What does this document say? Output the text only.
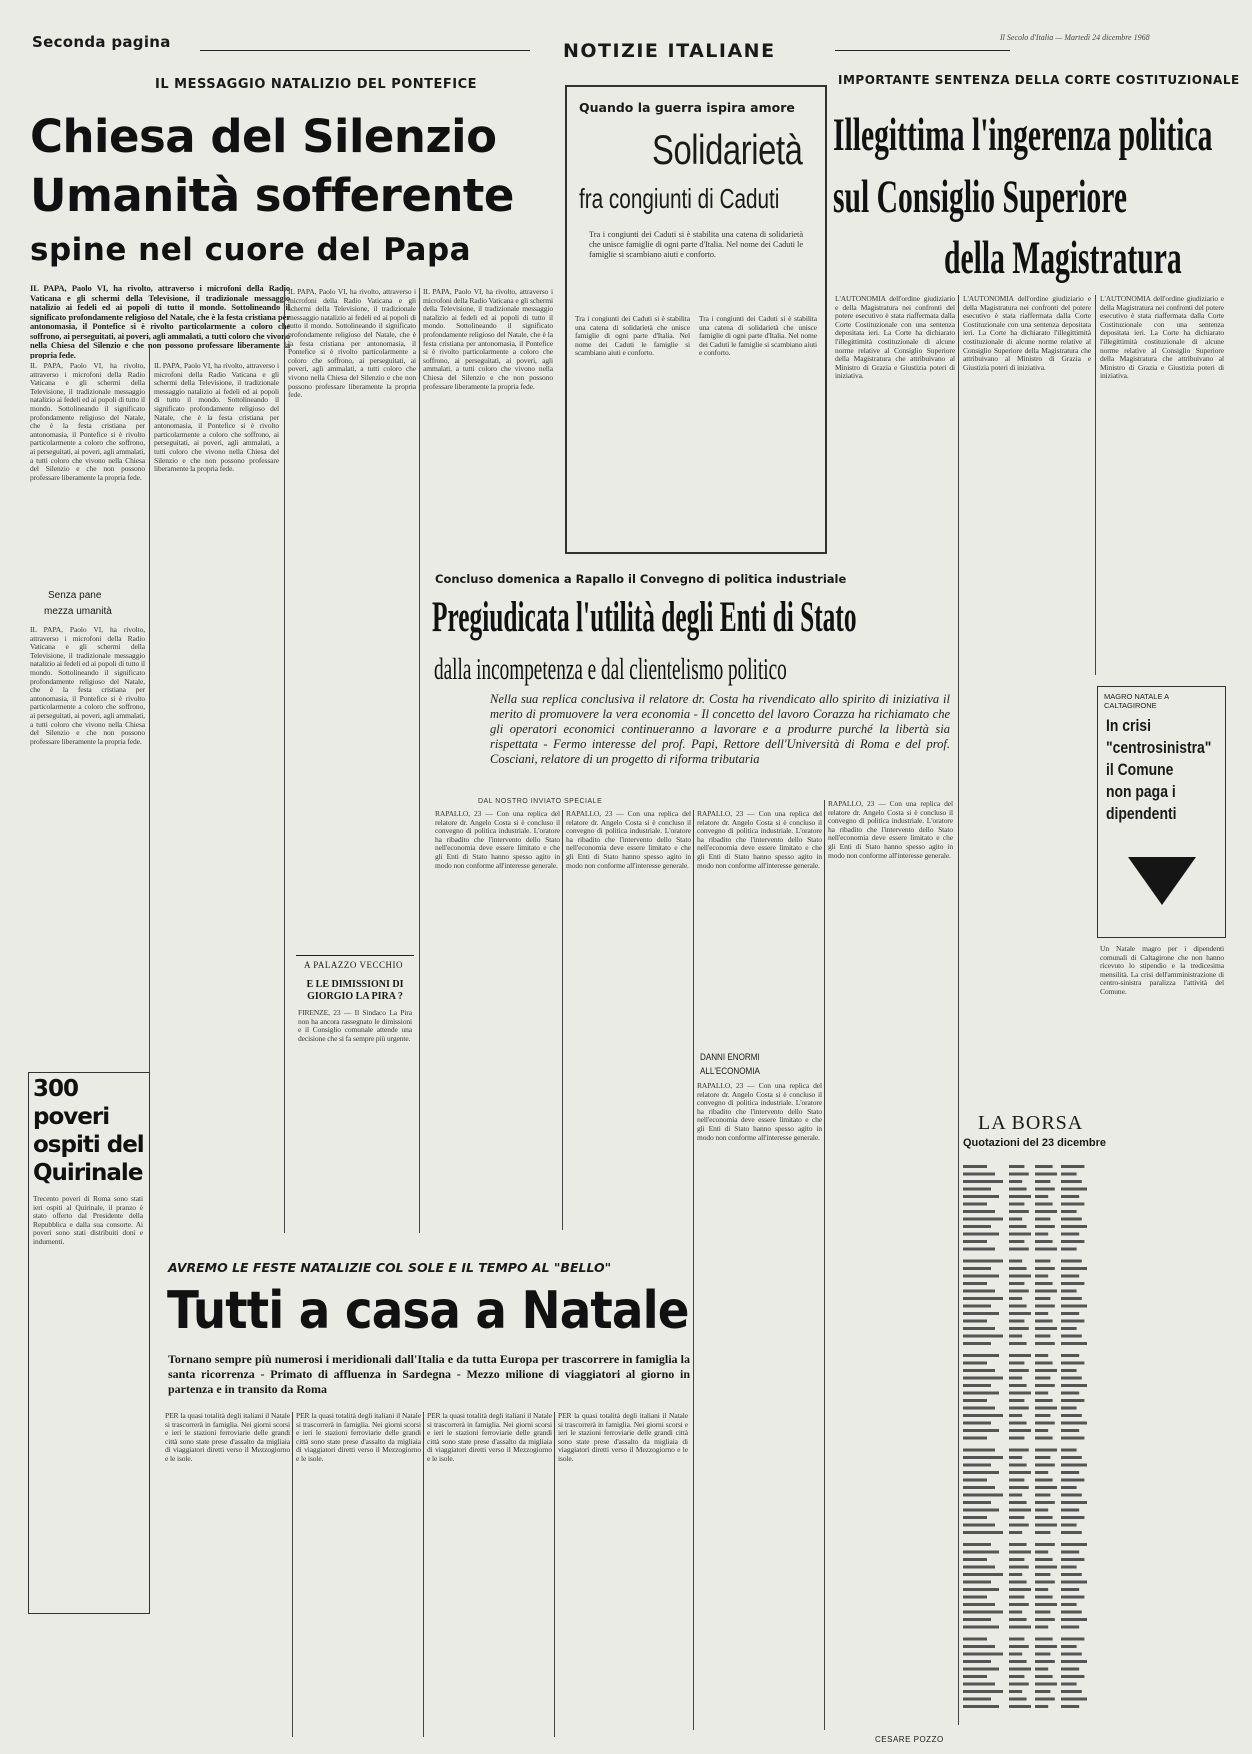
Seconda pagina	NOTIZIE ITALIANE
Il Secolo d'Italia — Martedì 24 dicembre 1968
IL MESSAGGIO NATALIZIO DEL PONTEFICE
Chiesa del Silenzio
Umanità sofferente
spine nel cuore del Papa
IL PAPA, Paolo VI, ha rivolto, attraverso i microfoni della Radio Vaticana e gli schermi della Televisione, il tradizionale messaggio natalizio ai fedeli ed ai popoli di tutto il mondo. Sottolineando il significato profondamente religioso del Natale, che è la festa cristiana per antonomasia, il Pontefice si è rivolto particolarmente a coloro che soffrono, ai perseguitati, ai poveri, agli ammalati, a tutti coloro che vivono nella Chiesa del Silenzio e che non possono professare liberamente la propria fede.
IL PAPA, Paolo VI, ha rivolto, attraverso i microfoni della Radio Vaticana e gli schermi della Televisione, il tradizionale messaggio natalizio ai fedeli ed ai popoli di tutto il mondo. Sottolineando il significato profondamente religioso del Natale, che è la festa cristiana per antonomasia, il Pontefice si è rivolto particolarmente a coloro che soffrono, ai perseguitati, ai poveri, agli ammalati, a tutti coloro che vivono nella Chiesa del Silenzio e che non possono professare liberamente la propria fede.
Senza pane
mezza umanità
IL PAPA, Paolo VI, ha rivolto, attraverso i microfoni della Radio Vaticana e gli schermi della Televisione, il tradizionale messaggio natalizio ai fedeli ed ai popoli di tutto il mondo. Sottolineando il significato profondamente religioso del Natale, che è la festa cristiana per antonomasia, il Pontefice si è rivolto particolarmente a coloro che soffrono, ai perseguitati, ai poveri, agli ammalati, a tutti coloro che vivono nella Chiesa del Silenzio e che non possono professare liberamente la propria fede.
IL PAPA, Paolo VI, ha rivolto, attraverso i microfoni della Radio Vaticana e gli schermi della Televisione, il tradizionale messaggio natalizio ai fedeli ed ai popoli di tutto il mondo. Sottolineando il significato profondamente religioso del Natale, che è la festa cristiana per antonomasia, il Pontefice si è rivolto particolarmente a coloro che soffrono, ai perseguitati, ai poveri, agli ammalati, a tutti coloro che vivono nella Chiesa del Silenzio e che non possono professare liberamente la propria fede.
IL PAPA, Paolo VI, ha rivolto, attraverso i microfoni della Radio Vaticana e gli schermi della Televisione, il tradizionale messaggio natalizio ai fedeli ed ai popoli di tutto il mondo. Sottolineando il significato profondamente religioso del Natale, che è la festa cristiana per antonomasia, il Pontefice si è rivolto particolarmente a coloro che soffrono, ai perseguitati, ai poveri, agli ammalati, a tutti coloro che vivono nella Chiesa del Silenzio e che non possono professare liberamente la propria fede.
IL PAPA, Paolo VI, ha rivolto, attraverso i microfoni della Radio Vaticana e gli schermi della Televisione, il tradizionale messaggio natalizio ai fedeli ed ai popoli di tutto il mondo. Sottolineando il significato profondamente religioso del Natale, che è la festa cristiana per antonomasia, il Pontefice si è rivolto particolarmente a coloro che soffrono, ai perseguitati, ai poveri, agli ammalati, a tutti coloro che vivono nella Chiesa del Silenzio e che non possono professare liberamente la propria fede.
300 poveri ospiti del Quirinale
Trecento poveri di Roma sono stati ieri ospiti al Quirinale, il pranzo è stato offerto dal Presidente della Repubblica e dalla sua consorte. Ai poveri sono stati distribuiti doni e indumenti.
Quando la guerra ispira amore
Solidarietà
fra congiunti di Caduti
Tra i congiunti dei Caduti si è stabilita una catena di solidarietà che unisce famiglie di ogni parte d'Italia. Nel nome dei Caduti le famiglie si scambiano aiuti e conforto.
Tra i congiunti dei Caduti si è stabilita una catena di solidarietà che unisce famiglie di ogni parte d'Italia. Nel nome dei Caduti le famiglie si scambiano aiuti e conforto.
Tra i congiunti dei Caduti si è stabilita una catena di solidarietà che unisce famiglie di ogni parte d'Italia. Nel nome dei Caduti le famiglie si scambiano aiuti e conforto.
IMPORTANTE SENTENZA DELLA CORTE COSTITUZIONALE
Illegittima l'ingerenza politica
sul Consiglio Superiore
della Magistratura
L'AUTONOMIA dell'ordine giudiziario e della Magistratura nei confronti del potere esecutivo è stata riaffermata dalla Corte Costituzionale con una sentenza depositata ieri. La Corte ha dichiarato l'illegittimità costituzionale di alcune norme relative al Consiglio Superiore della Magistratura che attribuivano al Ministro di Grazia e Giustizia poteri di iniziativa.
L'AUTONOMIA dell'ordine giudiziario e della Magistratura nei confronti del potere esecutivo è stata riaffermata dalla Corte Costituzionale con una sentenza depositata ieri. La Corte ha dichiarato l'illegittimità costituzionale di alcune norme relative al Consiglio Superiore della Magistratura che attribuivano al Ministro di Grazia e Giustizia poteri di iniziativa.
L'AUTONOMIA dell'ordine giudiziario e della Magistratura nei confronti del potere esecutivo è stata riaffermata dalla Corte Costituzionale con una sentenza depositata ieri. La Corte ha dichiarato l'illegittimità costituzionale di alcune norme relative al Consiglio Superiore della Magistratura che attribuivano al Ministro di Grazia e Giustizia poteri di iniziativa.
Concluso domenica a Rapallo il Convegno di politica industriale
Pregiudicata l'utilità degli Enti di Stato
dalla incompetenza e dal clientelismo politico
Nella sua replica conclusiva il relatore dr. Costa ha rivendicato allo spirito di iniziativa il merito di promuovere la vera economia - Il concetto del lavoro Corazza ha richiamato che gli operatori economici continueranno a lavorare e a produrre purché la libertà sia rispettata - Fermo interesse del prof. Papi, Rettore dell'Università di Roma e del prof. Cosciani, relatore di un progetto di riforma tributaria
DAL NOSTRO INVIATO SPECIALE
RAPALLO, 23 — Con una replica del relatore dr. Angelo Costa si è concluso il convegno di politica industriale. L'oratore ha ribadito che l'intervento dello Stato nell'economia deve essere limitato e che gli Enti di Stato hanno spesso agito in modo non conforme all'interesse generale.
RAPALLO, 23 — Con una replica del relatore dr. Angelo Costa si è concluso il convegno di politica industriale. L'oratore ha ribadito che l'intervento dello Stato nell'economia deve essere limitato e che gli Enti di Stato hanno spesso agito in modo non conforme all'interesse generale.
RAPALLO, 23 — Con una replica del relatore dr. Angelo Costa si è concluso il convegno di politica industriale. L'oratore ha ribadito che l'intervento dello Stato nell'economia deve essere limitato e che gli Enti di Stato hanno spesso agito in modo non conforme all'interesse generale.
DANNI ENORMI
ALL'ECONOMIA
RAPALLO, 23 — Con una replica del relatore dr. Angelo Costa si è concluso il convegno di politica industriale. L'oratore ha ribadito che l'intervento dello Stato nell'economia deve essere limitato e che gli Enti di Stato hanno spesso agito in modo non conforme all'interesse generale.
RAPALLO, 23 — Con una replica del relatore dr. Angelo Costa si è concluso il convegno di politica industriale. L'oratore ha ribadito che l'intervento dello Stato nell'economia deve essere limitato e che gli Enti di Stato hanno spesso agito in modo non conforme all'interesse generale.
CESARE POZZO
A PALAZZO VECCHIO
E LE DIMISSIONI DI GIORGIO LA PIRA ?
FIRENZE, 23 — Il Sindaco La Pira non ha ancora rassegnato le dimissioni e il Consiglio comunale attende una decisione che si fa sempre più urgente.
LA BORSA
Quotazioni del 23 dicembre
MAGRO NATALE A CALTAGIRONE
In crisi "centrosinistra" il Comune non paga i dipendenti
Un Natale magro per i dipendenti comunali di Caltagirone che non hanno ricevuto lo stipendio e la tredicesima mensilità. La crisi dell'amministrazione di centro-sinistra paralizza l'attività del Comune.
AVREMO LE FESTE NATALIZIE COL SOLE E IL TEMPO AL "BELLO"
Tutti a casa a Natale
Tornano sempre più numerosi i meridionali dall'Italia e da tutta Europa per trascorrere in famiglia la santa ricorrenza - Primato di affluenza in Sardegna - Mezzo milione di viaggiatori al giorno in partenza e in transito da Roma
PER la quasi totalità degli italiani il Natale si trascorrerà in famiglia. Nei giorni scorsi e ieri le stazioni ferroviarie delle grandi città sono state prese d'assalto da migliaia di viaggiatori diretti verso il Mezzogiorno e le isole.
PER la quasi totalità degli italiani il Natale si trascorrerà in famiglia. Nei giorni scorsi e ieri le stazioni ferroviarie delle grandi città sono state prese d'assalto da migliaia di viaggiatori diretti verso il Mezzogiorno e le isole.
PER la quasi totalità degli italiani il Natale si trascorrerà in famiglia. Nei giorni scorsi e ieri le stazioni ferroviarie delle grandi città sono state prese d'assalto da migliaia di viaggiatori diretti verso il Mezzogiorno e le isole.
PER la quasi totalità degli italiani il Natale si trascorrerà in famiglia. Nei giorni scorsi e ieri le stazioni ferroviarie delle grandi città sono state prese d'assalto da migliaia di viaggiatori diretti verso il Mezzogiorno e le isole.
